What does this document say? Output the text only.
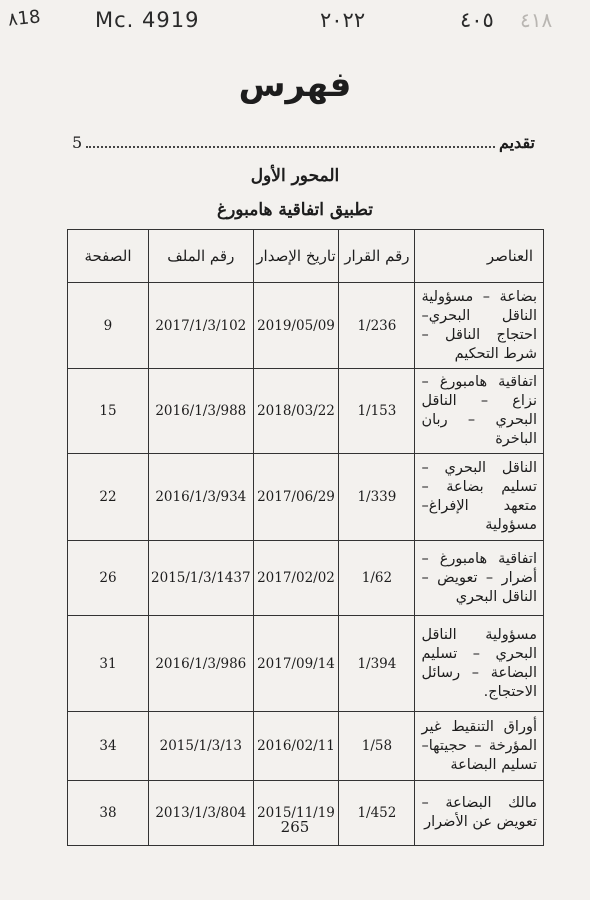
۸18	Mc. 4919	٢٠٢٢	٤٠٥ ٤١٨
فهرس
تقديم
5
المحور الأول
تطبيق اتفاقية هامبورغ
العناصر	رقم القرار	تاريخ الإصدار	رقم الملف	الصفحة
بضاعة – مسؤولية الناقل البحري– احتجاج الناقل – شرط التحكيم	1/236	2019/05/09	2017/1/3/102	9
اتفاقية هامبورغ – نزاع – الناقل البحري – ربان الباخرة	1/153	2018/03/22	2016/1/3/988	15
الناقل البحري – تسليم بضاعة – متعهد الإفراغ– مسؤولية	1/339	2017/06/29	2016/1/3/934	22
اتفاقية هامبورغ – أضرار – تعويض – الناقل البحري	1/62	2017/02/02	2015/1/3/1437	26
مسؤولية الناقل البحري – تسليم البضاعة – رسائل الاحتجاج.	1/394	2017/09/14	2016/1/3/986	31
أوراق التنقيط غير المؤرخة – حجيتها– تسليم البضاعة	1/58	2016/02/11	2015/1/3/13	34
مالك البضاعة – تعويض عن الأضرار	1/452	2015/11/19	2013/1/3/804	38
265
